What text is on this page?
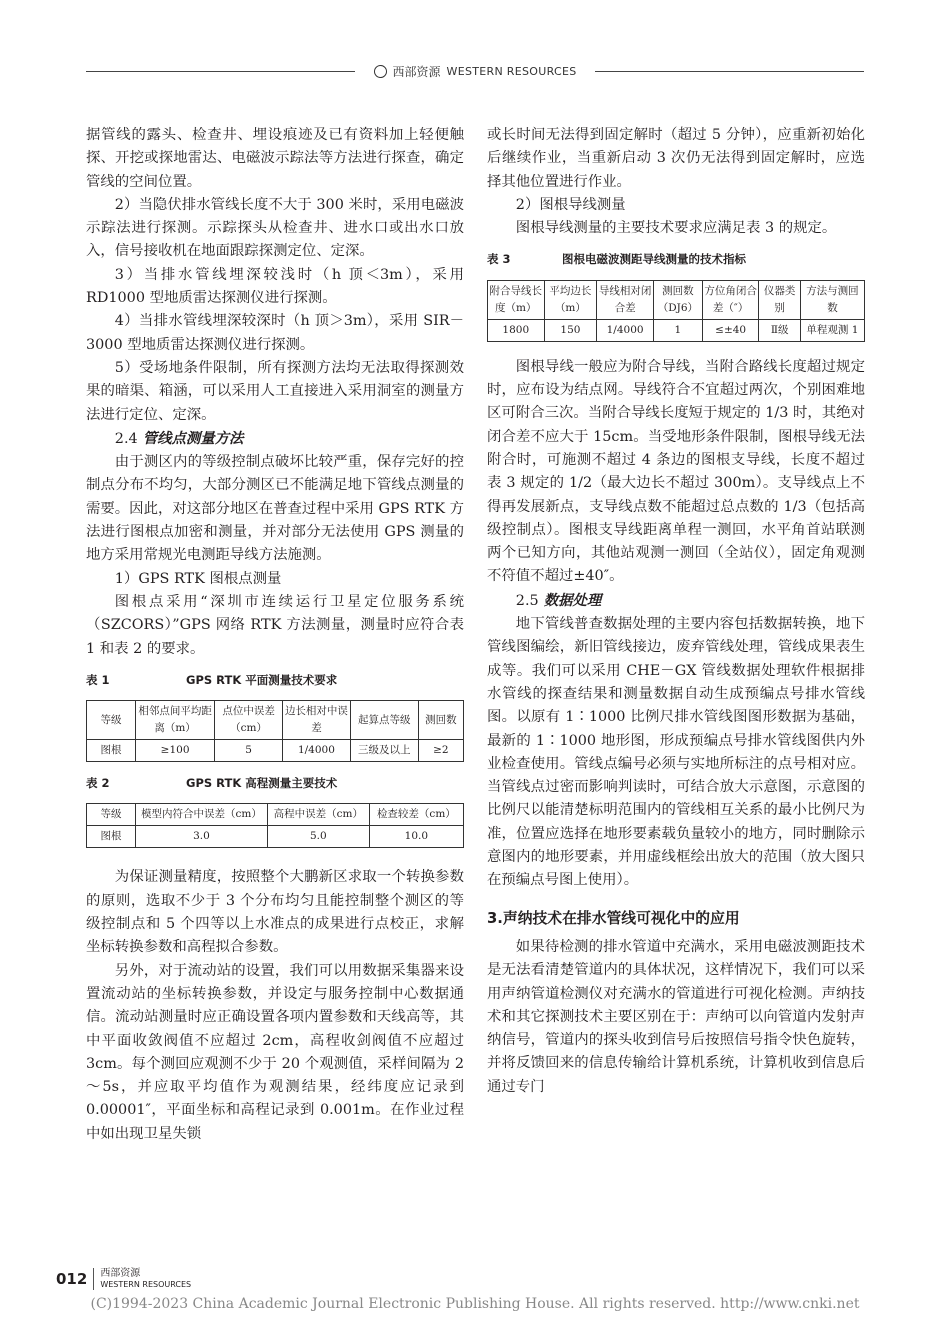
西部资源 WESTERN RESOURCES

据管线的露头、检查井、埋设痕迹及已有资料加上轻便触探、开挖或探地雷达、电磁波示踪法等方法进行探查，确定管线的空间位置。

2）当隐伏排水管线长度不大于 300 米时，采用电磁波示踪法进行探测。示踪探头从检查井、进水口或出水口放入，信号接收机在地面跟踪探测定位、定深。

3）当排水管线埋深较浅时（h 顶＜3m），采用 RD1000 型地质雷达探测仪进行探测。

4）当排水管线埋深较深时（h 顶＞3m），采用 SIR－3000 型地质雷达探测仪进行探测。

5）受场地条件限制，所有探测方法均无法取得探测效果的暗渠、箱涵，可以采用人工直接进入采用洞室的测量方法进行定位、定深。

2.4 管线点测量方法

由于测区内的等级控制点破坏比较严重，保存完好的控制点分布不均匀，大部分测区已不能满足地下管线点测量的需要。因此，对这部分地区在普查过程中采用 GPS RTK 方法进行图根点加密和测量，并对部分无法使用 GPS 测量的地方采用常规光电测距导线方法施测。

1）GPS RTK 图根点测量

图根点采用“深圳市连续运行卫星定位服务系统（SZCORS）”GPS 网络 RTK 方法测量，测量时应符合表 1 和表 2 的要求。

表 1	GPS RTK 平面测量技术要求
等级	相邻点间平均距离（m）	点位中误差（cm）	边长相对中误差	起算点等级	测回数
图根	≥100	5	1/4000	三级及以上	≥2
表 2	GPS RTK 高程测量主要技术
等级	模型内符合中误差（cm）	高程中误差（cm）	检查较差（cm）
图根	3.0	5.0	10.0

为保证测量精度，按照整个大鹏新区求取一个转换参数的原则，选取不少于 3 个分布均匀且能控制整个测区的等级控制点和 5 个四等以上水准点的成果进行点校正，求解坐标转换参数和高程拟合参数。

另外，对于流动站的设置，我们可以用数据采集器来设置流动站的坐标转换参数，并设定与服务控制中心数据通信。流动站测量时应正确设置各项内置参数和天线高等，其中平面收敛阀值不应超过 2cm，高程收剑阀值不应超过 3cm。每个测回应观测不少于 20 个观测值，采样间隔为 2～5s，并应取平均值作为观测结果，经纬度应记录到 0.00001″，平面坐标和高程记录到 0.001m。在作业过程中如出现卫星失锁

或长时间无法得到固定解时（超过 5 分钟），应重新初始化后继续作业，当重新启动 3 次仍无法得到固定解时，应选择其他位置进行作业。

2）图根导线测量

图根导线测量的主要技术要求应满足表 3 的规定。

表 3	图根电磁波测距导线测量的技术指标
附合导线长度（m）	平均边长（m）	导线相对闭合差	测回数（DJ6）	方位角闭合差（″）	仪器类别	方法与测回数
1800	150	1/4000	1	≤±40	Ⅱ级	单程观测 1

图根导线一般应为附合导线，当附合路线长度超过规定时，应布设为结点网。导线符合不宜超过两次，个别困难地区可附合三次。当附合导线长度短于规定的 1/3 时，其绝对闭合差不应大于 15cm。当受地形条件限制，图根导线无法附合时，可施测不超过 4 条边的图根支导线，长度不超过表 3 规定的 1/2（最大边长不超过 300m）。支导线点上不得再发展新点，支导线点数不能超过总点数的 1/3（包括高级控制点）。图根支导线距离单程一测回，水平角首站联测两个已知方向，其他站观测一测回（全站仪），固定角观测不符值不超过±40″。

2.5 数据处理

地下管线普查数据处理的主要内容包括数据转换，地下管线图编绘，新旧管线接边，废弃管线处理，管线成果表生成等。我们可以采用 CHE－GX 管线数据处理软件根据排水管线的探查结果和测量数据自动生成预编点号排水管线图。以原有 1∶1000 比例尺排水管线图图形数据为基础，最新的 1∶1000 地形图，形成预编点号排水管线图供内外业检查使用。管线点编号必须与实地所标注的点号相对应。当管线点过密而影响判读时，可结合放大示意图，示意图的比例尺以能清楚标明范围内的管线相互关系的最小比例尺为准，位置应选择在地形要素载负量较小的地方，同时删除示意图内的地形要素，并用虚线框绘出放大的范围（放大图只在预编点号图上使用）。

3.声纳技术在排水管线可视化中的应用

如果待检测的排水管道中充满水，采用电磁波测距技术是无法看清楚管道内的具体状况，这样情况下，我们可以采用声纳管道检测仪对充满水的管道进行可视化检测。声纳技术和其它探测技术主要区别在于：声纳可以向管道内发射声纳信号，管道内的探头收到信号后按照信号指令快色旋转，并将反馈回来的信息传输给计算机系统，计算机收到信息后通过专门

012 西部资源
WESTERN RESOURCES
(C)1994-2023 China Academic Journal Electronic Publishing House. All rights reserved. http://www.cnki.net
